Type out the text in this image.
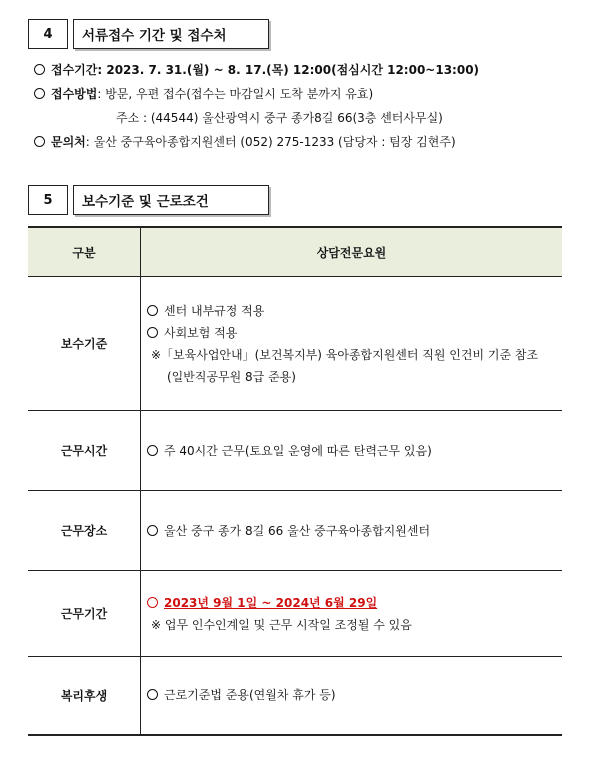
4	서류접수 기간 및 접수처
접수기간: 2023. 7. 31.(월) ~ 8. 17.(목) 12:00(점심시간 12:00~13:00)
접수방법: 방문, 우편 접수(접수는 마감일시 도착 분까지 유효)
주소 : (44544) 울산광역시 중구 종가8길 66(3층 센터사무실)
문의처: 울산 중구육아종합지원센터 (052) 275-1233 (담당자 : 팀장 김현주)
5	보수기준 및 근로조건
구분	상담전문요원
보수기준	센터 내부규정 적용
사회보험 적용
※「보육사업안내」(보건복지부) 육아종합지원센터 직원 인건비 기준 참조
(일반직공무원 8급 준용)

근무시간	주 40시간 근무(토요일 운영에 따른 탄력근무 있음)

근무장소	울산 중구 종가 8길 66 울산 중구육아종합지원센터

근무기간	2023년 9월 1일 ~ 2024년 6월 29일
※ 업무 인수인계일 및 근무 시작일 조정될 수 있음

복리후생	근로기준법 준용(연월차 휴가 등)
